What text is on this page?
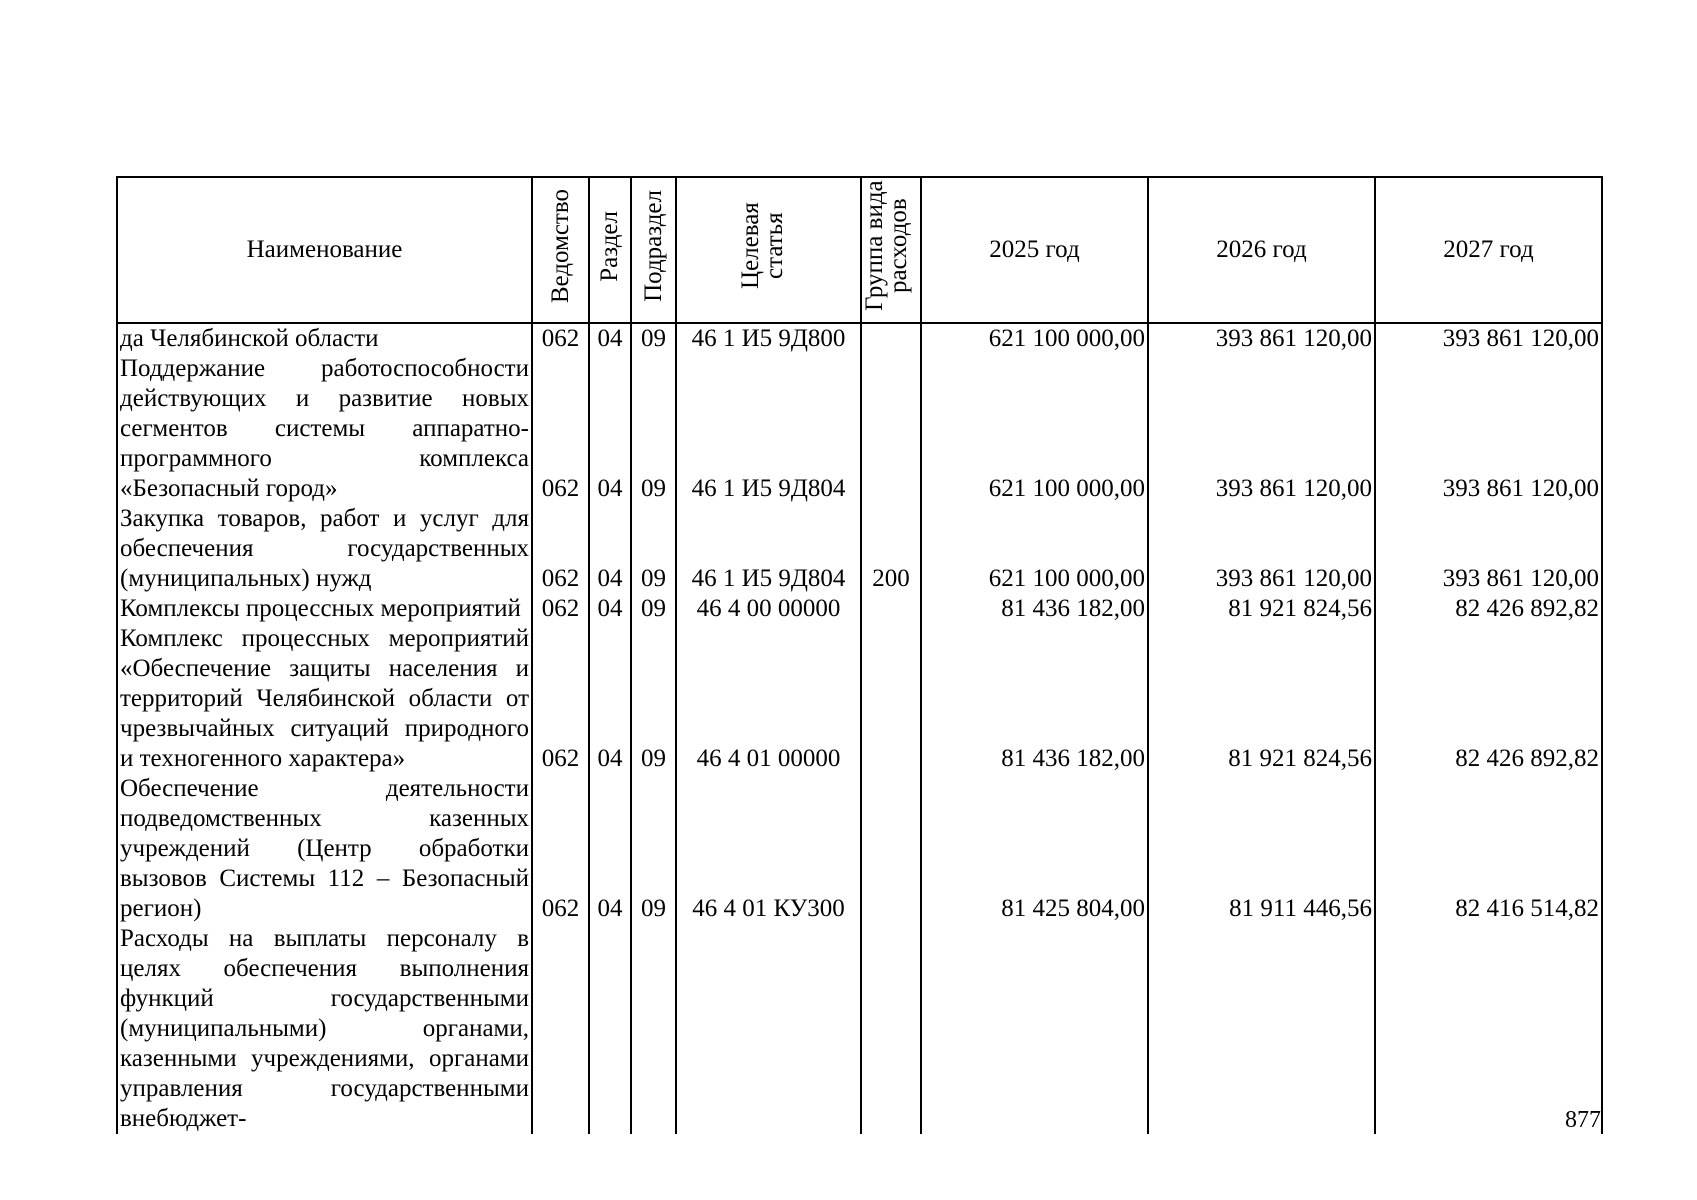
Наименование	Ведомство	Раздел	Подраздел	Целевая статья	Группа вида расходов	2025 год	2026 год	2027 год
да Челябинской области	062	04	09	46 1 И5 9Д800		621 100 000,00	393 861 120,00	393 861 120,00
Поддержание работоспособности действующих и развитие новых сегментов системы аппаратно-программного комплекса «Безопасный город»	062	04	09	46 1 И5 9Д804		621 100 000,00	393 861 120,00	393 861 120,00
Закупка товаров, работ и услуг для обеспечения государственных (муниципальных) нужд	062	04	09	46 1 И5 9Д804	200	621 100 000,00	393 861 120,00	393 861 120,00
Комплексы процессных мероприятий	062	04	09	46 4 00 00000		81 436 182,00	81 921 824,56	82 426 892,82
Комплекс процессных мероприятий «Обеспечение защиты населения и территорий Челябинской области от чрезвычайных ситуаций природного и техногенного характера»	062	04	09	46 4 01 00000		81 436 182,00	81 921 824,56	82 426 892,82
Обеспечение деятельности подведомственных казенных учреждений (Центр обработки вызовов Системы 112 – Безопасный регион)	062	04	09	46 4 01 КУ300		81 425 804,00	81 911 446,56	82 416 514,82
Расходы на выплаты персоналу в целях обеспечения выполнения функций государственными (муниципальными) органами, казенными учреждениями, органами управления государственными внебюджет-									877
